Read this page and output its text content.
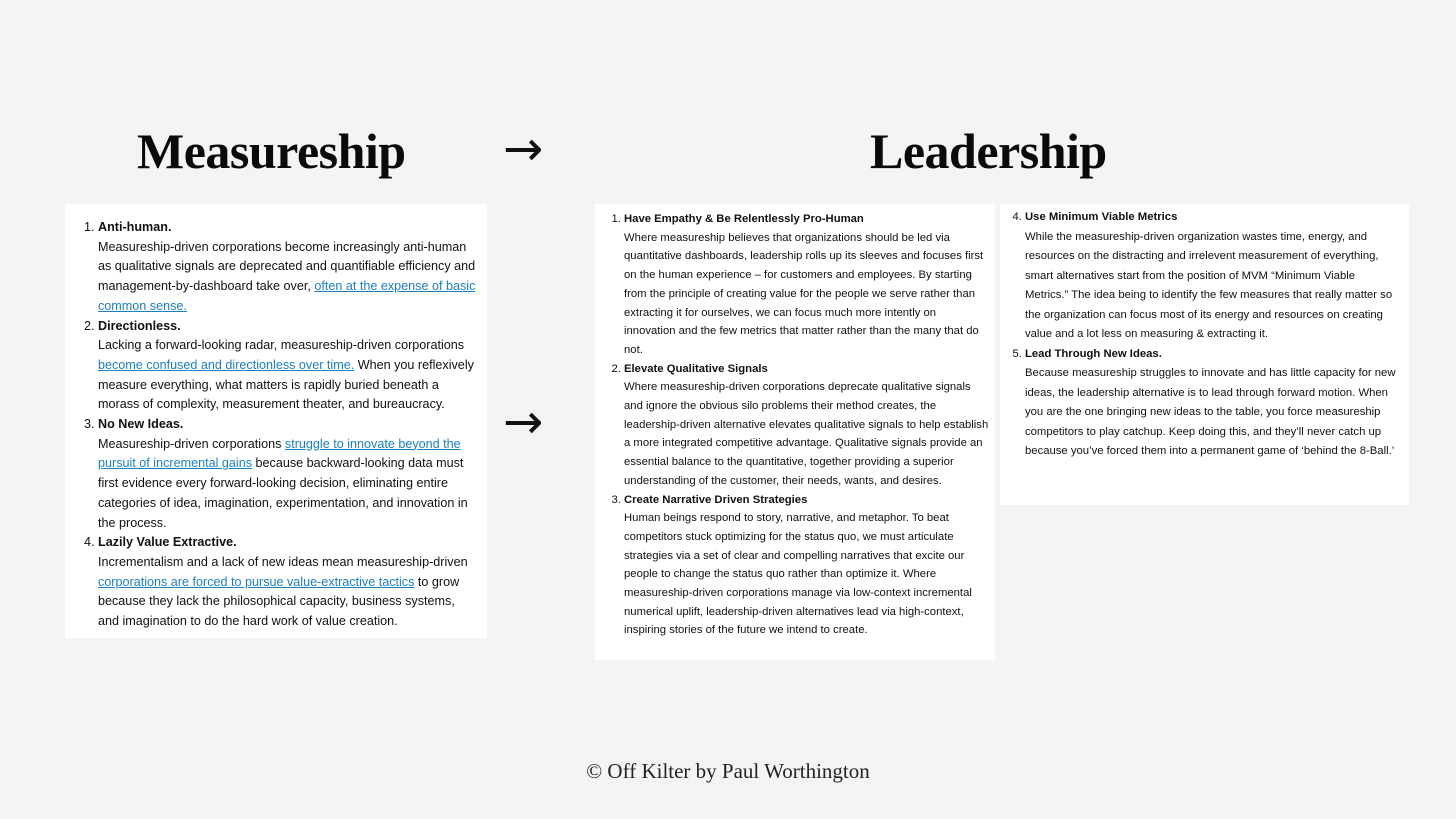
Measureship →	Leadership
→
1. Anti-human.
Measureship-driven corporations become increasingly anti-human as qualitative signals are deprecated and quantifiable efficiency and management-by-dashboard take over, often at the expense of basic common sense.
2. Directionless.
Lacking a forward-looking radar, measureship-driven corporations become confused and directionless over time. When you reflexively measure everything, what matters is rapidly buried beneath a morass of complexity, measurement theater, and bureaucracy.
3. No New Ideas.
Measureship-driven corporations struggle to innovate beyond the pursuit of incremental gains because backward-looking data must first evidence every forward-looking decision, eliminating entire categories of idea, imagination, experimentation, and innovation in the process.
4. Lazily Value Extractive.
Incrementalism and a lack of new ideas mean measureship-driven corporations are forced to pursue value-extractive tactics to grow because they lack the philosophical capacity, business systems, and imagination to do the hard work of value creation.
1. Have Empathy & Be Relentlessly Pro-Human
Where measureship believes that organizations should be led via quantitative dashboards, leadership rolls up its sleeves and focuses first on the human experience – for customers and employees. By starting from the principle of creating value for the people we serve rather than extracting it for ourselves, we can focus much more intently on innovation and the few metrics that matter rather than the many that do not.
2. Elevate Qualitative Signals
Where measureship-driven corporations deprecate qualitative signals and ignore the obvious silo problems their method creates, the leadership-driven alternative elevates qualitative signals to help establish a more integrated competitive advantage. Qualitative signals provide an essential balance to the quantitative, together providing a superior understanding of the customer, their needs, wants, and desires.
3. Create Narrative Driven Strategies
Human beings respond to story, narrative, and metaphor. To beat competitors stuck optimizing for the status quo, we must articulate strategies via a set of clear and compelling narratives that excite our people to change the status quo rather than optimize it. Where measureship-driven corporations manage via low-context incremental numerical uplift, leadership-driven alternatives lead via high-context, inspiring stories of the future we intend to create.
4. Use Minimum Viable Metrics
While the measureship-driven organization wastes time, energy, and resources on the distracting and irrelevent measurement of everything, smart alternatives start from the position of MVM “Minimum Viable Metrics.” The idea being to identify the few measures that really matter so the organization can focus most of its energy and resources on creating value and a lot less on measuring & extracting it.
5. Lead Through New Ideas.
Because measureship struggles to innovate and has little capacity for new ideas, the leadership alternative is to lead through forward motion. When you are the one bringing new ideas to the table, you force measureship competitors to play catchup. Keep doing this, and they’ll never catch up because you’ve forced them into a permanent game of ‘behind the 8-Ball.’

© Off Kilter by Paul Worthington
